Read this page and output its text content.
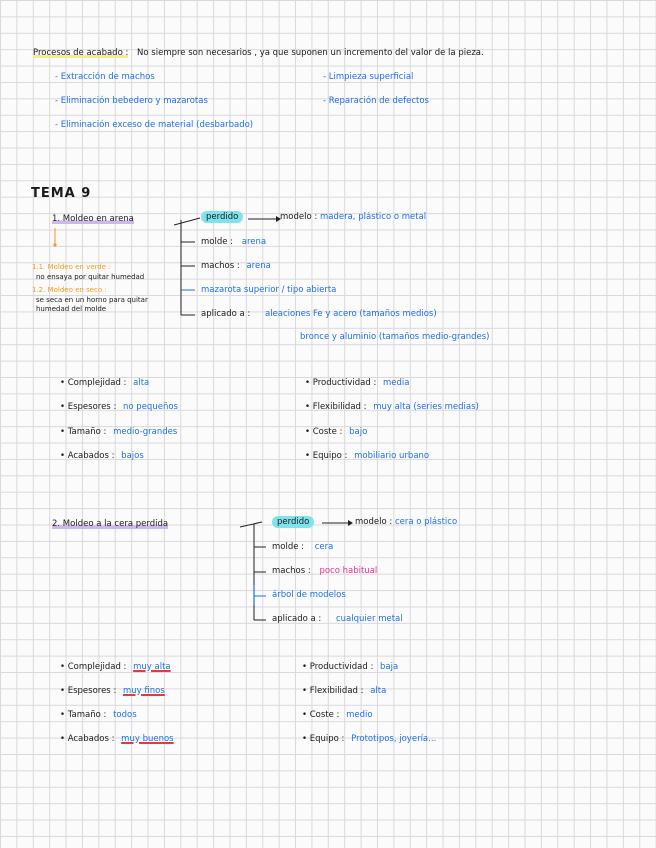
Procesos de acabado : No siempre son necesarios , ya que suponen un incremento del valor de la pieza.
- Extracción de machos
- Eliminación bebedero y mazarotas
- Eliminación exceso de material (desbarbado)
- Limpieza superficial
- Reparación de defectos
TEMA 9
1. Moldeo en arena
1.1. Moldeo en verde :
no ensaya por quitar humedad
1.2. Moldeo en seco :
se seca en un horno para quitar humedad del molde
perdido	modelo : madera, plástico o metal
molde : arena
machos : arena
mazarota superior / tipo abierta
aplicado a : aleaciones Fe y acero (tamaños medios)
bronce y aluminio (tamaños medio-grandes)
• Complejidad : alta
• Espesores : no pequeños
• Tamaño : medio-grandes
• Acabados : bajos
• Productividad : media
• Flexibilidad : muy alta (series medias)
• Coste : bajo
• Equipo : mobiliario urbano
2. Moldeo a la cera perdida	perdido	modelo : cera o plástico
molde : cera
machos : poco habitual
árbol de modelos
aplicado a : cualquier metal
• Complejidad : muy alta
• Espesores : muy finos
• Tamaño : todos
• Acabados : muy buenos
• Productividad : baja
• Flexibilidad : alta
• Coste : medio
• Equipo : Prototipos, joyería...
